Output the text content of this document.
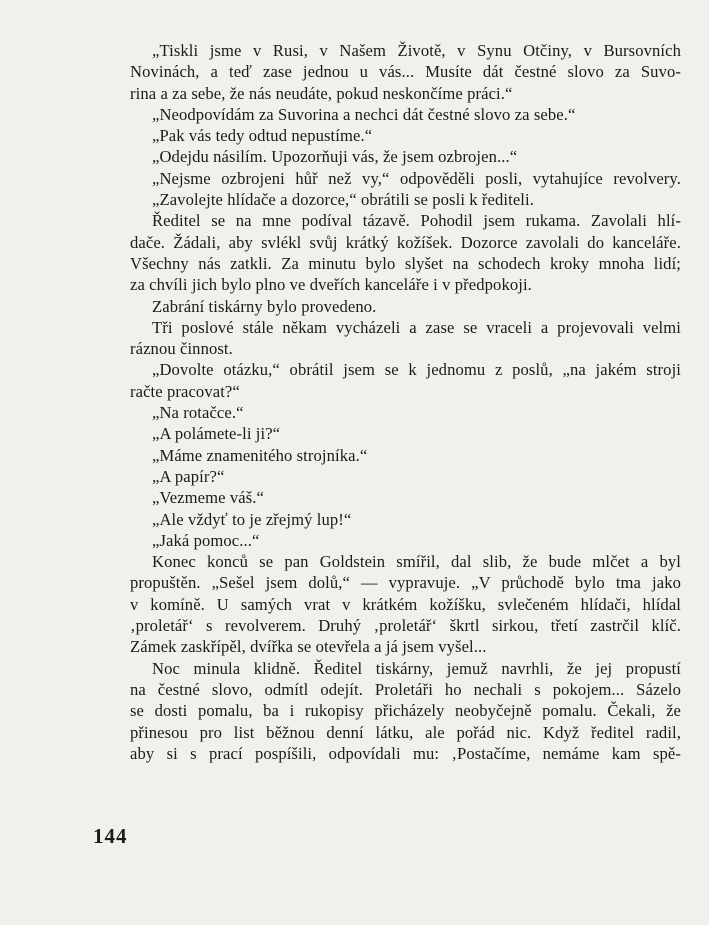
„Tiskli jsme v Rusi, v Našem Životě, v Synu Otčiny, v Bursovních
Novinách, a teď zase jednou u vás... Musíte dát čestné slovo za Suvo-
rina a za sebe, že nás neudáte, pokud neskončíme práci.“
„Neodpovídám za Suvorina a nechci dát čestné slovo za sebe.“
„Pak vás tedy odtud nepustíme.“
„Odejdu násilím. Upozorňuji vás, že jsem ozbrojen...“
„Nejsme ozbrojeni hůř než vy,“ odpověděli posli, vytahujíce revolvery.
„Zavolejte hlídače a dozorce,“ obrátili se posli k řediteli.
Ředitel se na mne podíval tázavě. Pohodil jsem rukama. Zavolali hlí-
dače. Žádali, aby svlékl svůj krátký kožíšek. Dozorce zavolali do kanceláře.
Všechny nás zatkli. Za minutu bylo slyšet na schodech kroky mnoha lidí;
za chvíli jich bylo plno ve dveřích kanceláře i v předpokoji.
Zabrání tiskárny bylo provedeno.
Tři poslové stále někam vycházeli a zase se vraceli a projevovali velmi
ráznou činnost.
„Dovolte otázku,“ obrátil jsem se k jednomu z poslů, „na jakém stroji
račte pracovat?“
„Na rotačce.“
„A polámete-li ji?“
„Máme znamenitého strojníka.“
„A papír?“
„Vezmeme váš.“
„Ale vždyť to je zřejmý lup!“
„Jaká pomoc...“
Konec konců se pan Goldstein smířil, dal slib, že bude mlčet a byl
propuštěn. „Sešel jsem dolů,“ — vypravuje. „V průchodě bylo tma jako
v komíně. U samých vrat v krátkém kožíšku, svlečeném hlídači, hlídal
‚proletář‘ s revolverem. Druhý ‚proletář‘ škrtl sirkou, třetí zastrčil klíč.
Zámek zaskřípěl, dvířka se otevřela a já jsem vyšel...
Noc minula klidně. Ředitel tiskárny, jemuž navrhli, že jej propustí
na čestné slovo, odmítl odejít. Proletáři ho nechali s pokojem... Sázelo
se dosti pomalu, ba i rukopisy přicházely neobyčejně pomalu. Čekali, že
přinesou pro list běžnou denní látku, ale pořád nic. Když ředitel radil,
aby si s prací pospíšili, odpovídali mu: ‚Postačíme, nemáme kam spě-
144
